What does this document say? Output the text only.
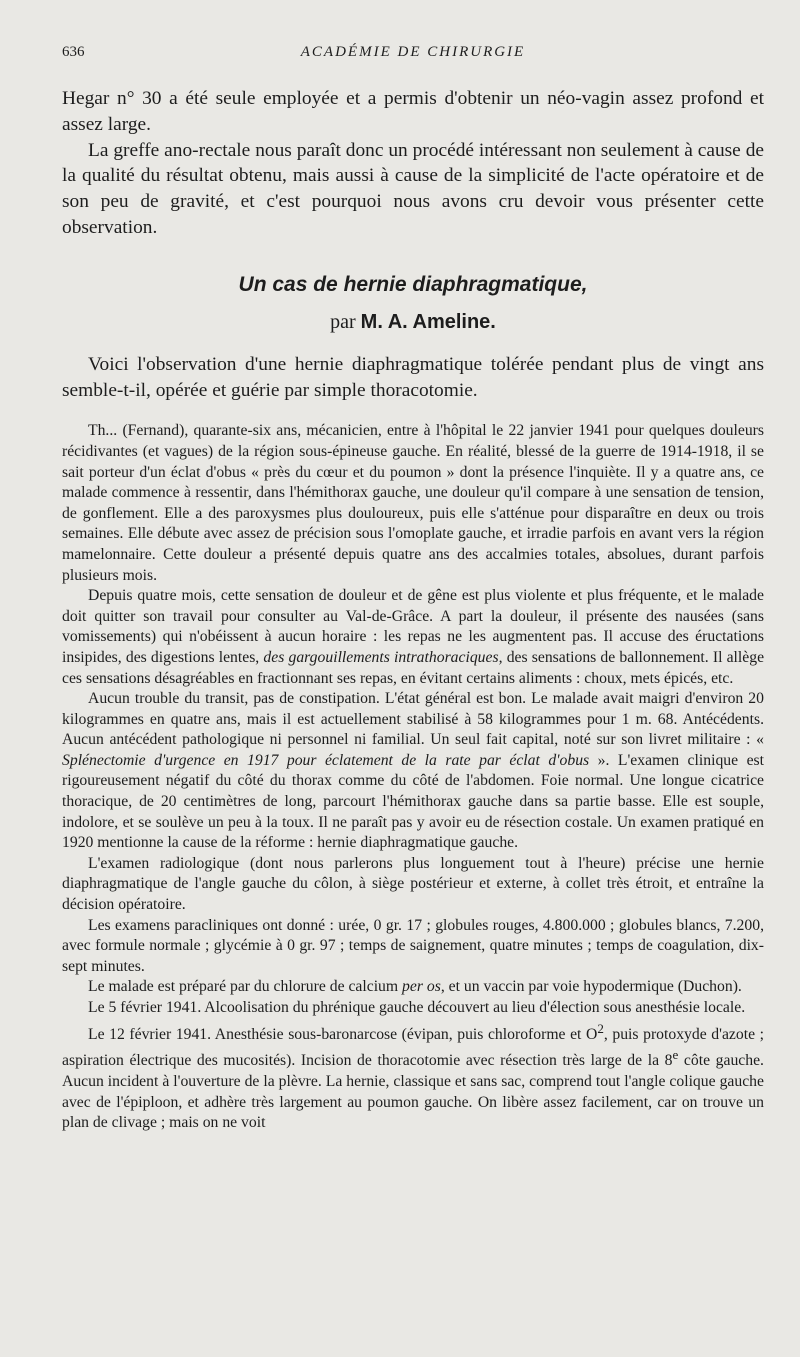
636	ACADÉMIE DE CHIRURGIE

Hegar n° 30 a été seule employée et a permis d'obtenir un néo-vagin assez profond et assez large.

La greffe ano-rectale nous paraît donc un procédé intéressant non seulement à cause de la qualité du résultat obtenu, mais aussi à cause de la simplicité de l'acte opératoire et de son peu de gravité, et c'est pourquoi nous avons cru devoir vous présenter cette observation.

Un cas de hernie diaphragmatique,
par M. A. Ameline.

Voici l'observation d'une hernie diaphragmatique tolérée pendant plus de vingt ans semble-t-il, opérée et guérie par simple thoracotomie.

Th... (Fernand), quarante-six ans, mécanicien, entre à l'hôpital le 22 janvier 1941 pour quelques douleurs récidivantes (et vagues) de la région sous-épineuse gauche. En réalité, blessé de la guerre de 1914-1918, il se sait porteur d'un éclat d'obus « près du cœur et du poumon » dont la présence l'inquiète. Il y a quatre ans, ce malade commence à ressentir, dans l'hémithorax gauche, une douleur qu'il compare à une sensation de tension, de gonflement. Elle a des paroxysmes plus douloureux, puis elle s'atténue pour disparaître en deux ou trois semaines. Elle débute avec assez de précision sous l'omoplate gauche, et irradie parfois en avant vers la région mamelonnaire. Cette douleur a présenté depuis quatre ans des accalmies totales, absolues, durant parfois plusieurs mois.

Depuis quatre mois, cette sensation de douleur et de gêne est plus violente et plus fréquente, et le malade doit quitter son travail pour consulter au Val-de-Grâce. A part la douleur, il présente des nausées (sans vomissements) qui n'obéissent à aucun horaire : les repas ne les augmentent pas. Il accuse des éructations insipides, des digestions lentes, des gargouillements intrathoraciques, des sensations de ballonnement. Il allège ces sensations désagréables en fractionnant ses repas, en évitant certains aliments : choux, mets épicés, etc.

Aucun trouble du transit, pas de constipation. L'état général est bon. Le malade avait maigri d'environ 20 kilogrammes en quatre ans, mais il est actuellement stabilisé à 58 kilogrammes pour 1 m. 68. Antécédents. Aucun antécédent pathologique ni personnel ni familial. Un seul fait capital, noté sur son livret militaire : « Splénectomie d'urgence en 1917 pour éclatement de la rate par éclat d'obus ». L'examen clinique est rigoureusement négatif du côté du thorax comme du côté de l'abdomen. Foie normal. Une longue cicatrice thoracique, de 20 centimètres de long, parcourt l'hémithorax gauche dans sa partie basse. Elle est souple, indolore, et se soulève un peu à la toux. Il ne paraît pas y avoir eu de résection costale. Un examen pratiqué en 1920 mentionne la cause de la réforme : hernie diaphragmatique gauche.

L'examen radiologique (dont nous parlerons plus longuement tout à l'heure) précise une hernie diaphragmatique de l'angle gauche du côlon, à siège postérieur et externe, à collet très étroit, et entraîne la décision opératoire.

Les examens paracliniques ont donné : urée, 0 gr. 17 ; globules rouges, 4.800.000 ; globules blancs, 7.200, avec formule normale ; glycémie à 0 gr. 97 ; temps de saignement, quatre minutes ; temps de coagulation, dix-sept minutes.

Le malade est préparé par du chlorure de calcium per os, et un vaccin par voie hypodermique (Duchon).

Le 5 février 1941. Alcoolisation du phrénique gauche découvert au lieu d'élection sous anesthésie locale.

Le 12 février 1941. Anesthésie sous-baronarcose (évipan, puis chloroforme et $O^2$, puis protoxyde d'azote ; aspiration électrique des mucosités). Incision de thoracotomie avec résection très large de la 8e côte gauche. Aucun incident à l'ouverture de la plèvre. La hernie, classique et sans sac, comprend tout l'angle colique gauche avec de l'épiploon, et adhère très largement au poumon gauche. On libère assez facilement, car on trouve un plan de clivage ; mais on ne voit
